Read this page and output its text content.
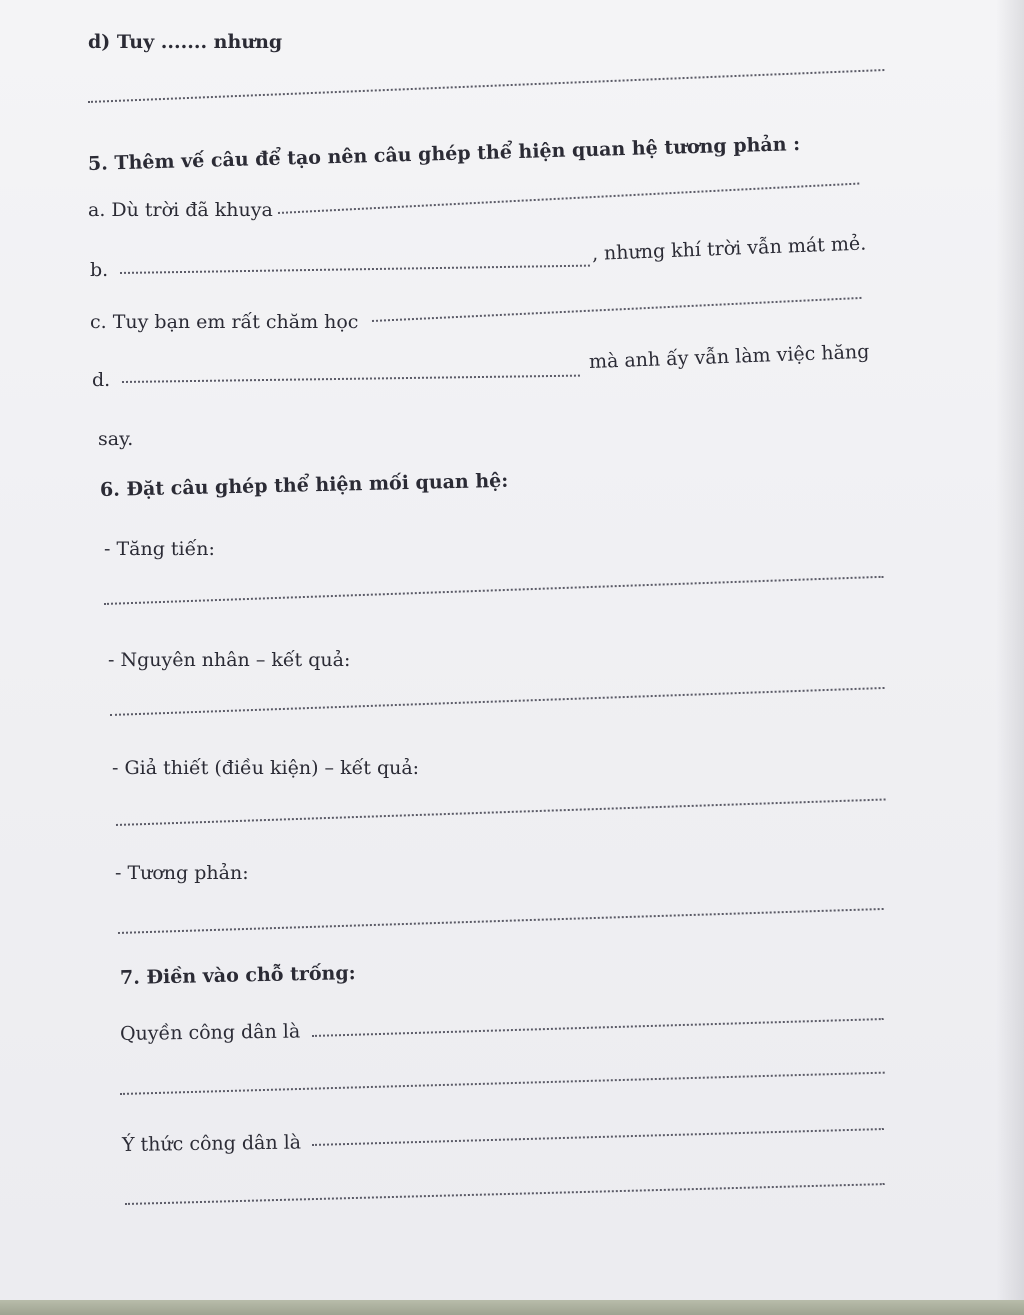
d) Tuy ....... nhưng
5. Thêm vế câu để tạo nên câu ghép thể hiện quan hệ tương phản :
a. Dù trời đã khuya
b.
, nhưng khí trời vẫn mát mẻ.
c. Tuy bạn em rất chăm học
d.
mà anh ấy vẫn làm việc hăng
say.
6. Đặt câu ghép thể hiện mối quan hệ:
- Tăng tiến:
- Nguyên nhân – kết quả:
- Giả thiết (điều kiện) – kết quả:
- Tương phản:
7. Điền vào chỗ trống:
Quyền công dân là
Ý thức công dân là
